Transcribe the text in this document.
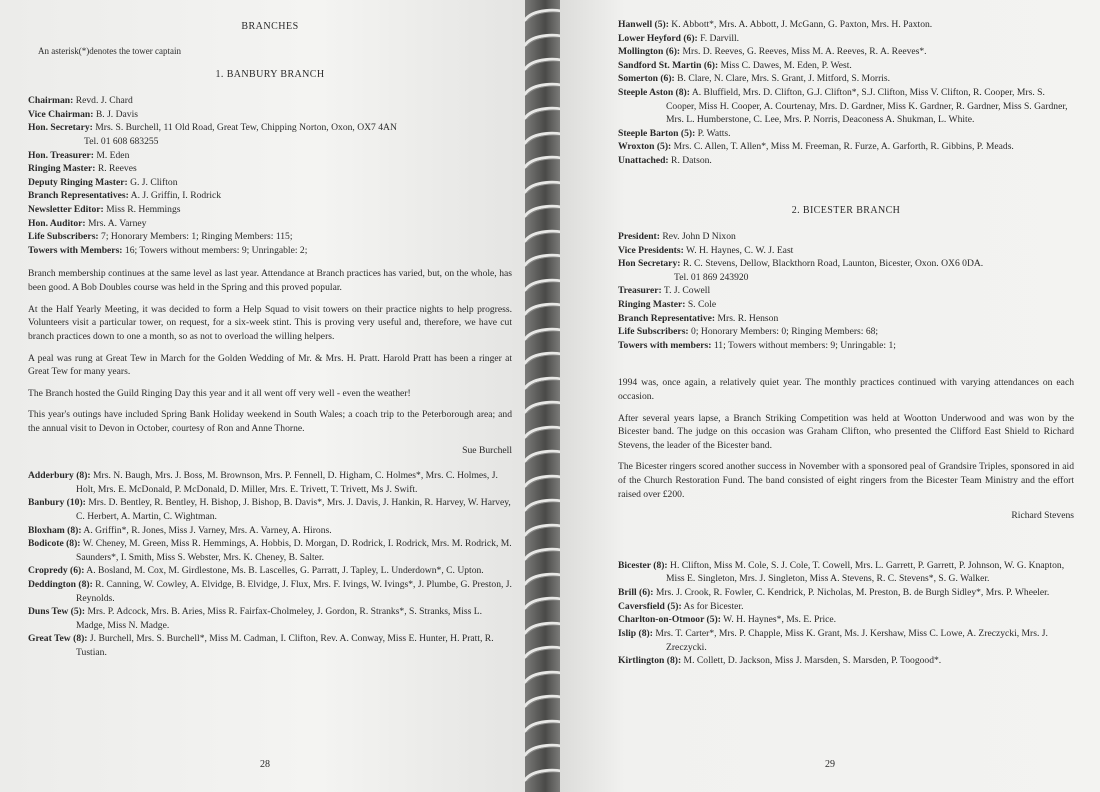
BRANCHES
An asterisk(*)denotes the tower captain
1. BANBURY BRANCH
Chairman: Revd. J. Chard
Vice Chairman: B. J. Davis
Hon. Secretary: Mrs. S. Burchell, 11 Old Road, Great Tew, Chipping Norton, Oxon, OX7 4AN
Tel. 01 608 683255
Hon. Treasurer: M. Eden
Ringing Master: R. Reeves
Deputy Ringing Master: G. J. Clifton
Branch Representatives: A. J. Griffin, I. Rodrick
Newsletter Editor: Miss R. Hemmings
Hon. Auditor: Mrs. A. Varney
Life Subscribers: 7; Honorary Members: 1; Ringing Members: 115;
Towers with Members: 16; Towers without members: 9; Unringable: 2;

Branch membership continues at the same level as last year. Attendance at Branch practices has varied, but, on the whole, has been good. A Bob Doubles course was held in the Spring and this proved popular.

At the Half Yearly Meeting, it was decided to form a Help Squad to visit towers on their practice nights to help progress. Volunteers visit a particular tower, on request, for a six-week stint. This is proving very useful and, therefore, we have cut branch practices down to one a month, so as not to overload the willing helpers.

A peal was rung at Great Tew in March for the Golden Wedding of Mr. & Mrs. H. Pratt. Harold Pratt has been a ringer at Great Tew for many years.

The Branch hosted the Guild Ringing Day this year and it all went off very well - even the weather!

This year's outings have included Spring Bank Holiday weekend in South Wales; a coach trip to the Peterborough area; and the annual visit to Devon in October, courtesy of Ron and Anne Thorne.

Sue Burchell
Adderbury (8): Mrs. N. Baugh, Mrs. J. Boss, M. Brownson, Mrs. P. Fennell, D. Higham, C. Holmes*, Mrs. C. Holmes, J. Holt, Mrs. E. McDonald, P. McDonald, D. Miller, Mrs. E. Trivett, T. Trivett, Ms J. Swift.
Banbury (10): Mrs. D. Bentley, R. Bentley, H. Bishop, J. Bishop, B. Davis*, Mrs. J. Davis, J. Hankin, R. Harvey, W. Harvey, C. Herbert, A. Martin, C. Wightman.
Bloxham (8): A. Griffin*, R. Jones, Miss J. Varney, Mrs. A. Varney, A. Hirons.
Bodicote (8): W. Cheney, M. Green, Miss R. Hemmings, A. Hobbis, D. Morgan, D. Rodrick, I. Rodrick, Mrs. M. Rodrick, M. Saunders*, I. Smith, Miss S. Webster, Mrs. K. Cheney, B. Salter.
Cropredy (6): A. Bosland, M. Cox, M. Girdlestone, Ms. B. Lascelles, G. Parratt, J. Tapley, L. Underdown*, C. Upton.
Deddington (8): R. Canning, W. Cowley, A. Elvidge, B. Elvidge, J. Flux, Mrs. F. Ivings, W. Ivings*, J. Plumbe, G. Preston, J. Reynolds.
Duns Tew (5): Mrs. P. Adcock, Mrs. B. Aries, Miss R. Fairfax-Cholmeley, J. Gordon, R. Stranks*, S. Stranks, Miss L. Madge, Miss N. Madge.
Great Tew (8): J. Burchell, Mrs. S. Burchell*, Miss M. Cadman, I. Clifton, Rev. A. Conway, Miss E. Hunter, H. Pratt, R. Tustian.
28
Hanwell (5): K. Abbott*, Mrs. A. Abbott, J. McGann, G. Paxton, Mrs. H. Paxton.
Lower Heyford (6): F. Darvill.
Mollington (6): Mrs. D. Reeves, G. Reeves, Miss M. A. Reeves, R. A. Reeves*.
Sandford St. Martin (6): Miss C. Dawes, M. Eden, P. West.
Somerton (6): B. Clare, N. Clare, Mrs. S. Grant, J. Mitford, S. Morris.
Steeple Aston (8): A. Bluffield, Mrs. D. Clifton, G.J. Clifton*, S.J. Clifton, Miss V. Clifton, R. Cooper, Mrs. S. Cooper, Miss H. Cooper, A. Courtenay, Mrs. D. Gardner, Miss K. Gardner, R. Gardner, Miss S. Gardner, Mrs. L. Humberstone, C. Lee, Mrs. P. Norris, Deaconess A. Shukman, L. White.
Steeple Barton (5): P. Watts.
Wroxton (5): Mrs. C. Allen, T. Allen*, Miss M. Freeman, R. Furze, A. Garforth, R. Gibbins, P. Meads.
Unattached: R. Datson.
2. BICESTER BRANCH
President: Rev. John D Nixon
Vice Presidents: W. H. Haynes, C. W. J. East
Hon Secretary: R. C. Stevens, Dellow, Blackthorn Road, Launton, Bicester, Oxon. OX6 0DA.
Tel. 01 869 243920
Treasurer: T. J. Cowell
Ringing Master: S. Cole
Branch Representative: Mrs. R. Henson
Life Subscribers: 0; Honorary Members: 0; Ringing Members: 68;
Towers with members: 11; Towers without members: 9; Unringable: 1;

1994 was, once again, a relatively quiet year. The monthly practices continued with varying attendances on each occasion.

After several years lapse, a Branch Striking Competition was held at Wootton Underwood and was won by the Bicester band. The judge on this occasion was Graham Clifton, who presented the Clifford East Shield to Richard Stevens, the leader of the Bicester band.

The Bicester ringers scored another success in November with a sponsored peal of Grandsire Triples, sponsored in aid of the Church Restoration Fund. The band consisted of eight ringers from the Bicester Team Ministry and the effort raised over £200.

Richard Stevens
Bicester (8): H. Clifton, Miss M. Cole, S. J. Cole, T. Cowell, Mrs. L. Garrett, P. Garrett, P. Johnson, W. G. Knapton, Miss E. Singleton, Mrs. J. Singleton, Miss A. Stevens, R. C. Stevens*, S. G. Walker.
Brill (6): Mrs. J. Crook, R. Fowler, C. Kendrick, P. Nicholas, M. Preston, B. de Burgh Sidley*, Mrs. P. Wheeler.
Caversfield (5): As for Bicester.
Charlton-on-Otmoor (5): W. H. Haynes*, Ms. E. Price.
Islip (8): Mrs. T. Carter*, Mrs. P. Chapple, Miss K. Grant, Ms. J. Kershaw, Miss C. Lowe, A. Zreczycki, Mrs. J. Zreczycki.
Kirtlington (8): M. Collett, D. Jackson, Miss J. Marsden, S. Marsden, P. Toogood*.
29
